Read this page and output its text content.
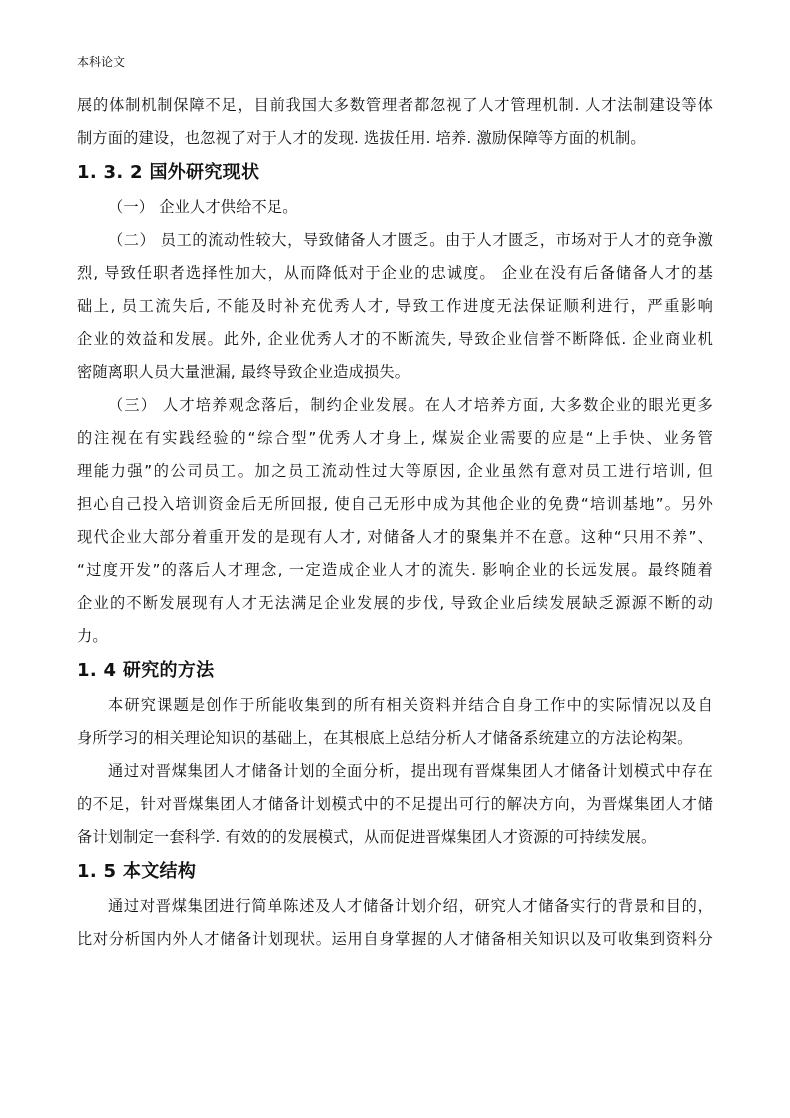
本科论文
展的体制机制保障不足，目前我国大多数管理者都忽视了人才管理机制. 人才法制建设等体
制方面的建设，也忽视了对于人才的发现. 选拔任用. 培养. 激励保障等方面的机制。
1. 3. 2 国外研究现状
（一） 企业人才供给不足。
（二） 员工的流动性较大，导致储备人才匮乏。由于人才匮乏，市场对于人才的竞争激
烈, 导致任职者选择性加大，从而降低对于企业的忠诚度。 企业在没有后备储备人才的基
础上, 员工流失后, 不能及时补充优秀人才, 导致工作进度无法保证顺利进行，严重影响
企业的效益和发展。此外, 企业优秀人才的不断流失, 导致企业信誉不断降低. 企业商业机
密随离职人员大量泄漏, 最终导致企业造成损失。
（三） 人才培养观念落后，制约企业发展。在人才培养方面, 大多数企业的眼光更多
的注视在有实践经验的“综合型”优秀人才身上, 煤炭企业需要的应是“上手快、业务管
理能力强”的公司员工。加之员工流动性过大等原因, 企业虽然有意对员工进行培训, 但
担心自己投入培训资金后无所回报, 使自己无形中成为其他企业的免费“培训基地”。另外
现代企业大部分着重开发的是现有人才, 对储备人才的聚集并不在意。这种“只用不养”、
“过度开发”的落后人才理念, 一定造成企业人才的流失. 影响企业的长远发展。最终随着
企业的不断发展现有人才无法满足企业发展的步伐, 导致企业后续发展缺乏源源不断的动
力。
1. 4 研究的方法
本研究课题是创作于所能收集到的所有相关资料并结合自身工作中的实际情况以及自
身所学习的相关理论知识的基础上，在其根底上总结分析人才储备系统建立的方法论构架。
通过对晋煤集团人才储备计划的全面分析，提出现有晋煤集团人才储备计划模式中存在
的不足，针对晋煤集团人才储备计划模式中的不足提出可行的解决方向，为晋煤集团人才储
备计划制定一套科学. 有效的的发展模式，从而促进晋煤集团人才资源的可持续发展。
1. 5 本文结构
通过对晋煤集团进行简单陈述及人才储备计划介绍，研究人才储备实行的背景和目的，
比对分析国内外人才储备计划现状。运用自身掌握的人才储备相关知识以及可收集到资料分
